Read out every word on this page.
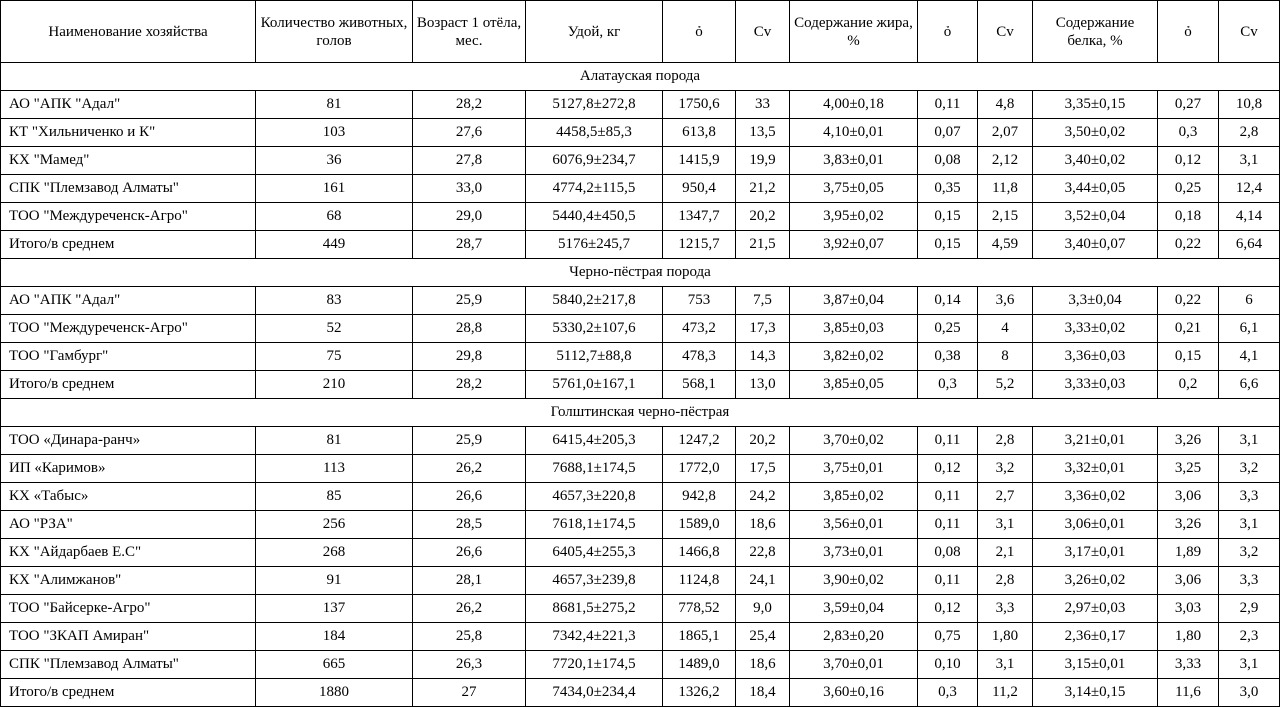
Наименование хозяйства	Количество животных, голов	Возраст 1 отёла, мес.	Удой, кг	ỏ	Cv	Содержание жира, %	ỏ	Cv	Содержание белка, %	ỏ	Cv
Алатауская порода											
АО "АПК "Адал"	81	28,2	5127,8±272,8	1750,6	33	4,00±0,18	0,11	4,8	3,35±0,15	0,27	10,8
КТ "Хильниченко и К"	103	27,6	4458,5±85,3	613,8	13,5	4,10±0,01	0,07	2,07	3,50±0,02	0,3	2,8
КХ "Мамед"	36	27,8	6076,9±234,7	1415,9	19,9	3,83±0,01	0,08	2,12	3,40±0,02	0,12	3,1
СПК "Племзавод Алматы"	161	33,0	4774,2±115,5	950,4	21,2	3,75±0,05	0,35	11,8	3,44±0,05	0,25	12,4
ТОО "Междуреченск-Агро"	68	29,0	5440,4±450,5	1347,7	20,2	3,95±0,02	0,15	2,15	3,52±0,04	0,18	4,14
Итого/в среднем	449	28,7	5176±245,7	1215,7	21,5	3,92±0,07	0,15	4,59	3,40±0,07	0,22	6,64
Черно-пёстрая порода											
АО "АПК "Адал"	83	25,9	5840,2±217,8	753	7,5	3,87±0,04	0,14	3,6	3,3±0,04	0,22	6
ТОО "Междуреченск-Агро"	52	28,8	5330,2±107,6	473,2	17,3	3,85±0,03	0,25	4	3,33±0,02	0,21	6,1
ТОО "Гамбург"	75	29,8	5112,7±88,8	478,3	14,3	3,82±0,02	0,38	8	3,36±0,03	0,15	4,1
Итого/в среднем	210	28,2	5761,0±167,1	568,1	13,0	3,85±0,05	0,3	5,2	3,33±0,03	0,2	6,6
Голштинская черно-пёстрая											
ТОО «Динара-ранч»	81	25,9	6415,4±205,3	1247,2	20,2	3,70±0,02	0,11	2,8	3,21±0,01	3,26	3,1
ИП «Каримов»	113	26,2	7688,1±174,5	1772,0	17,5	3,75±0,01	0,12	3,2	3,32±0,01	3,25	3,2
КХ «Табыс»	85	26,6	4657,3±220,8	942,8	24,2	3,85±0,02	0,11	2,7	3,36±0,02	3,06	3,3
АО "РЗА"	256	28,5	7618,1±174,5	1589,0	18,6	3,56±0,01	0,11	3,1	3,06±0,01	3,26	3,1
КХ "Айдарбаев Е.С"	268	26,6	6405,4±255,3	1466,8	22,8	3,73±0,01	0,08	2,1	3,17±0,01	1,89	3,2
КХ "Алимжанов"	91	28,1	4657,3±239,8	1124,8	24,1	3,90±0,02	0,11	2,8	3,26±0,02	3,06	3,3
ТОО "Байсерке-Агро"	137	26,2	8681,5±275,2	778,52	9,0	3,59±0,04	0,12	3,3	2,97±0,03	3,03	2,9
ТОО "ЗКАП Амиран"	184	25,8	7342,4±221,3	1865,1	25,4	2,83±0,20	0,75	1,80	2,36±0,17	1,80	2,3
СПК "Племзавод Алматы"	665	26,3	7720,1±174,5	1489,0	18,6	3,70±0,01	0,10	3,1	3,15±0,01	3,33	3,1
Итого/в среднем	1880	27	7434,0±234,4	1326,2	18,4	3,60±0,16	0,3	11,2	3,14±0,15	11,6	3,0
